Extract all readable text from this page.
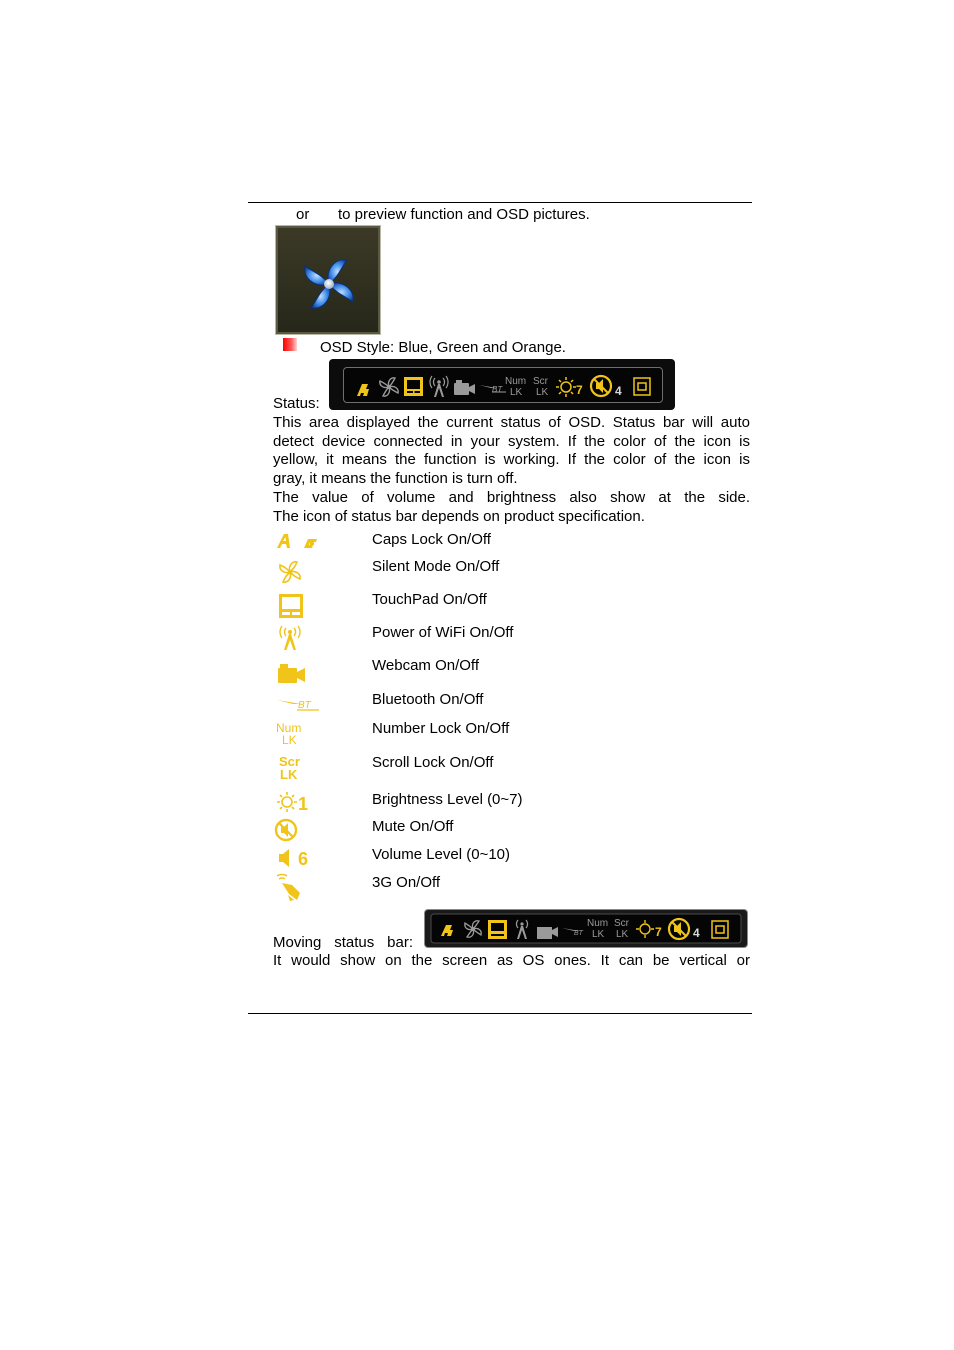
or to preview function and OSD pictures.
OSD Style: Blue, Green and Orange.
Status:
BT
Num
LK
Scr
LK 7	4
This area displayed the current status of OSD. Status bar will auto
detect device connected in your system. If the color of the icon is
yellow, it means the function is working. If the color of the icon is
gray, it means the function is turn off.
The value of volume and brightness also show at the side.
The icon of status bar depends on product specification.
Caps Lock On/Off
Silent Mode On/Off
TouchPad On/Off
Power of WiFi On/Off
Webcam On/Off
BT	Bluetooth On/Off
Num
LK
Number Lock On/Off
Scr
LK
Scroll Lock On/Off
1	Brightness Level (0~7)
Mute On/Off
6	Volume Level (0~10)
3G On/Off
Moving status bar:
BT
Num
LK
Scr
LK 7	4
It would show on the screen as OS ones. It can be vertical or
